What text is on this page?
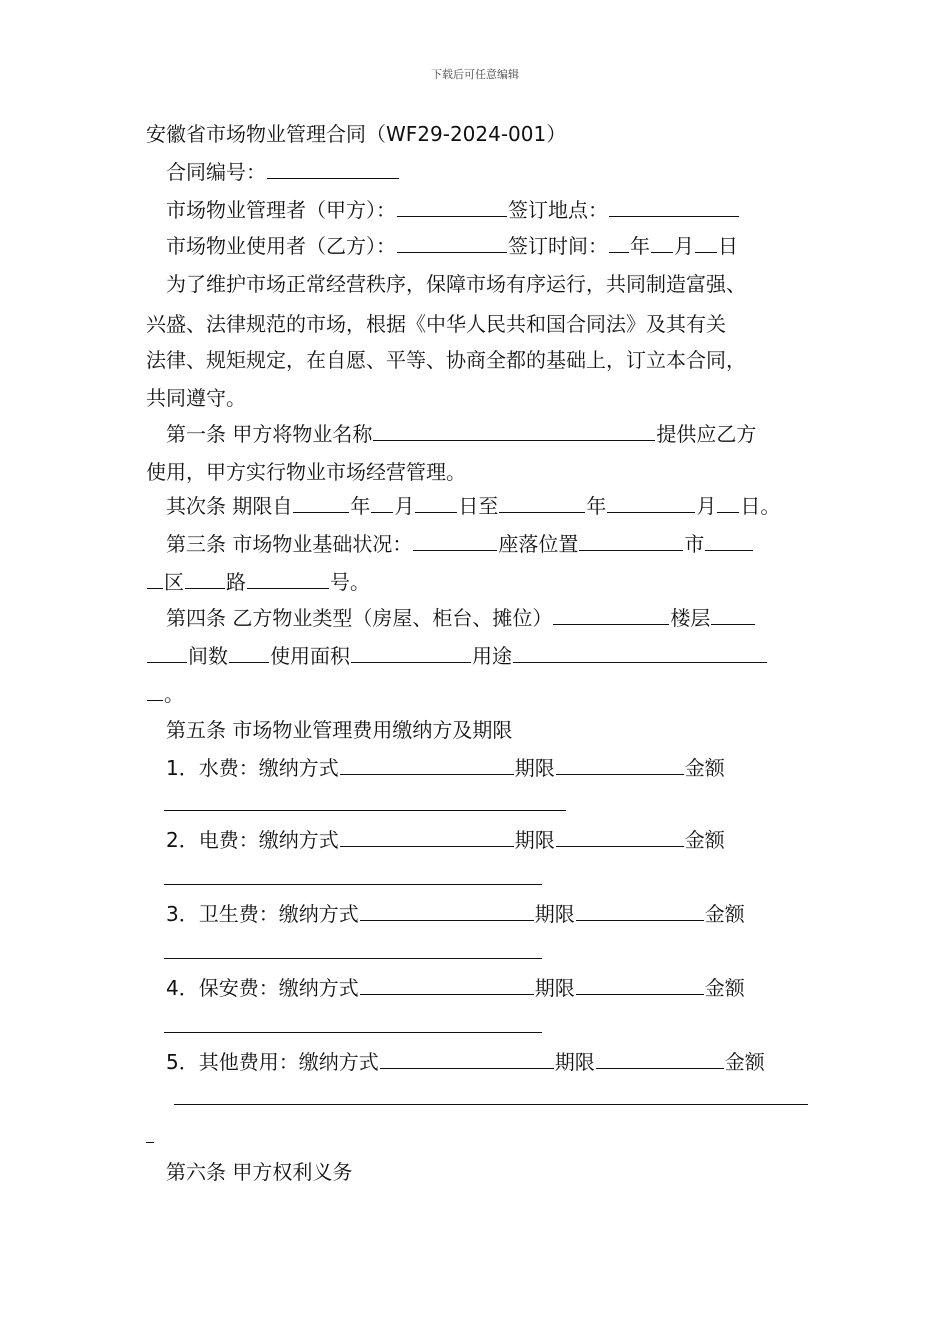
下载后可任意编辑
安徽省市场物业管理合同（WF29-2024-001）
合同编号：
市场物业管理者（甲方）：	签订地点：
市场物业使用者（乙方）：	签订时间： 年 月 日
为了维护市场正常经营秩序，保障市场有序运行，共同制造富强、
兴盛、法律规范的市场，根据《中华人民共和国合同法》及其有关
法律、规矩规定，在自愿、平等、协商全都的基础上，订立本合同，
共同遵守。
第一条 甲方将物业名称	提供应乙方
使用，甲方实行物业市场经营管理。
其次条 期限自	年 月 日至	年	月 日。
第三条 市场物业基础状况：	座落位置	市
区 路	号。
第四条 乙方物业类型（房屋、柜台、摊位）	楼层
间数 使用面积	用途
。
第五条 市场物业管理费用缴纳方及期限
1．水费：缴纳方式	期限	金额
2．电费：缴纳方式	期限	金额
3．卫生费：缴纳方式	期限	金额
4．保安费：缴纳方式	期限	金额
5．其他费用：缴纳方式	期限	金额
第六条 甲方权利义务
